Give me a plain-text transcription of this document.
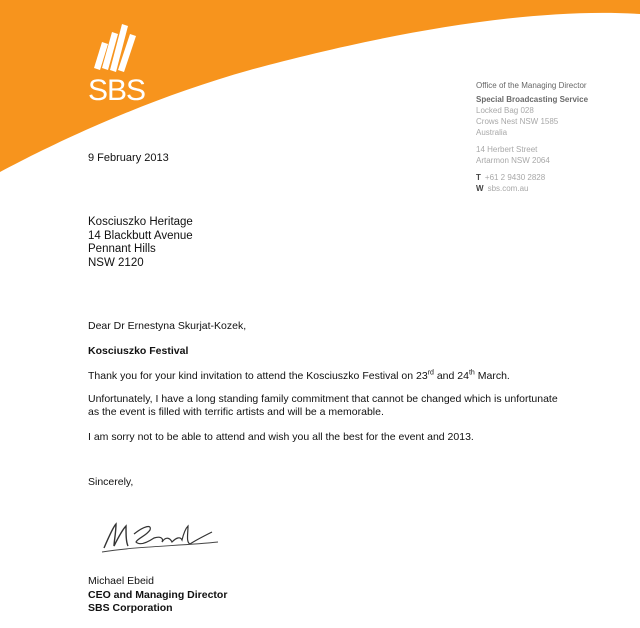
SBS	Office of the Managing Director
Special Broadcasting Service
Locked Bag 028
Crows Nest NSW 1585
Australia
14 Herbert Street
Artarmon NSW 2064
T +61 2 9430 2828
W sbs.com.au
9 February 2013
Kosciuszko Heritage
14 Blackbutt Avenue
Pennant Hills
NSW 2120

Dear Dr Ernestyna Skurjat-Kozek,

Kosciuszko Festival

Thank you for your kind invitation to attend the Kosciuszko Festival on 23rd and 24th March.

Unfortunately, I have a long standing family commitment that cannot be changed which is unfortunate as the event is filled with terrific artists and will be a memorable.

I am sorry not to be able to attend and wish you all the best for the event and 2013.

Sincerely,
Michael Ebeid
CEO and Managing Director
SBS Corporation
